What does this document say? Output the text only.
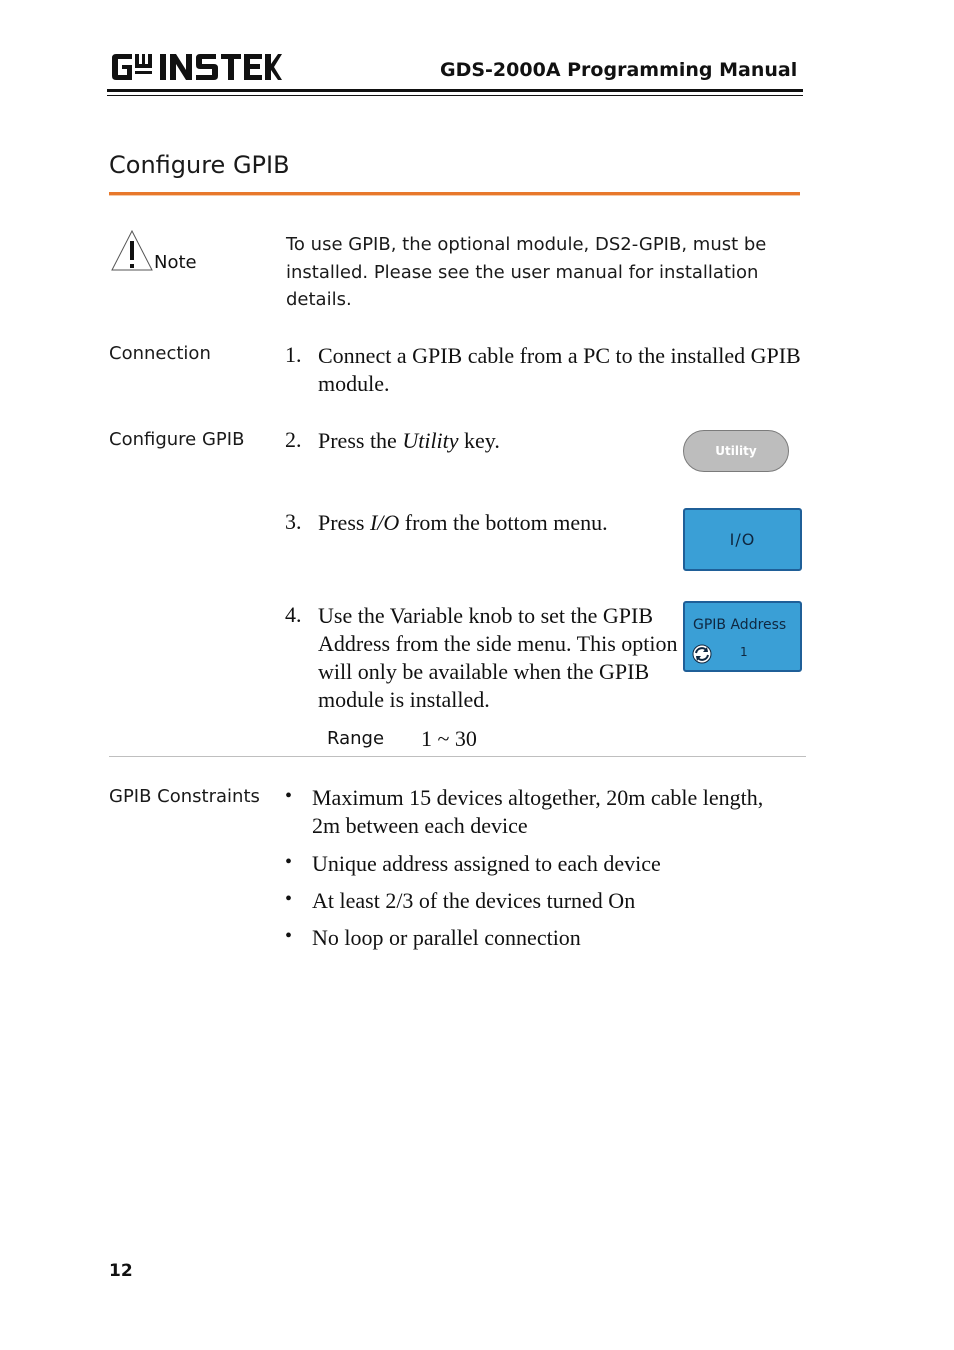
GDS-2000A Programming Manual
Configure GPIB
Note
To use GPIB, the optional module, DS2-GPIB, must be installed. Please see the user manual for installation details.
Connection	1. Connect a GPIB cable from a PC to the installed GPIB module.
Configure GPIB 2. Press the Utility key.	Utility
3. Press I/O from the bottom menu.
I/O
4. Use the Variable knob to set the GPIB Address from the side menu. This option will only be available when the GPIB module is installed.
GPIB Address
1
Range 1 ~ 30
GPIB Constraints • Maximum 15 devices altogether, 20m cable length, 2m between each device
• Unique address assigned to each device
• At least 2/3 of the devices turned On
• No loop or parallel connection
12
